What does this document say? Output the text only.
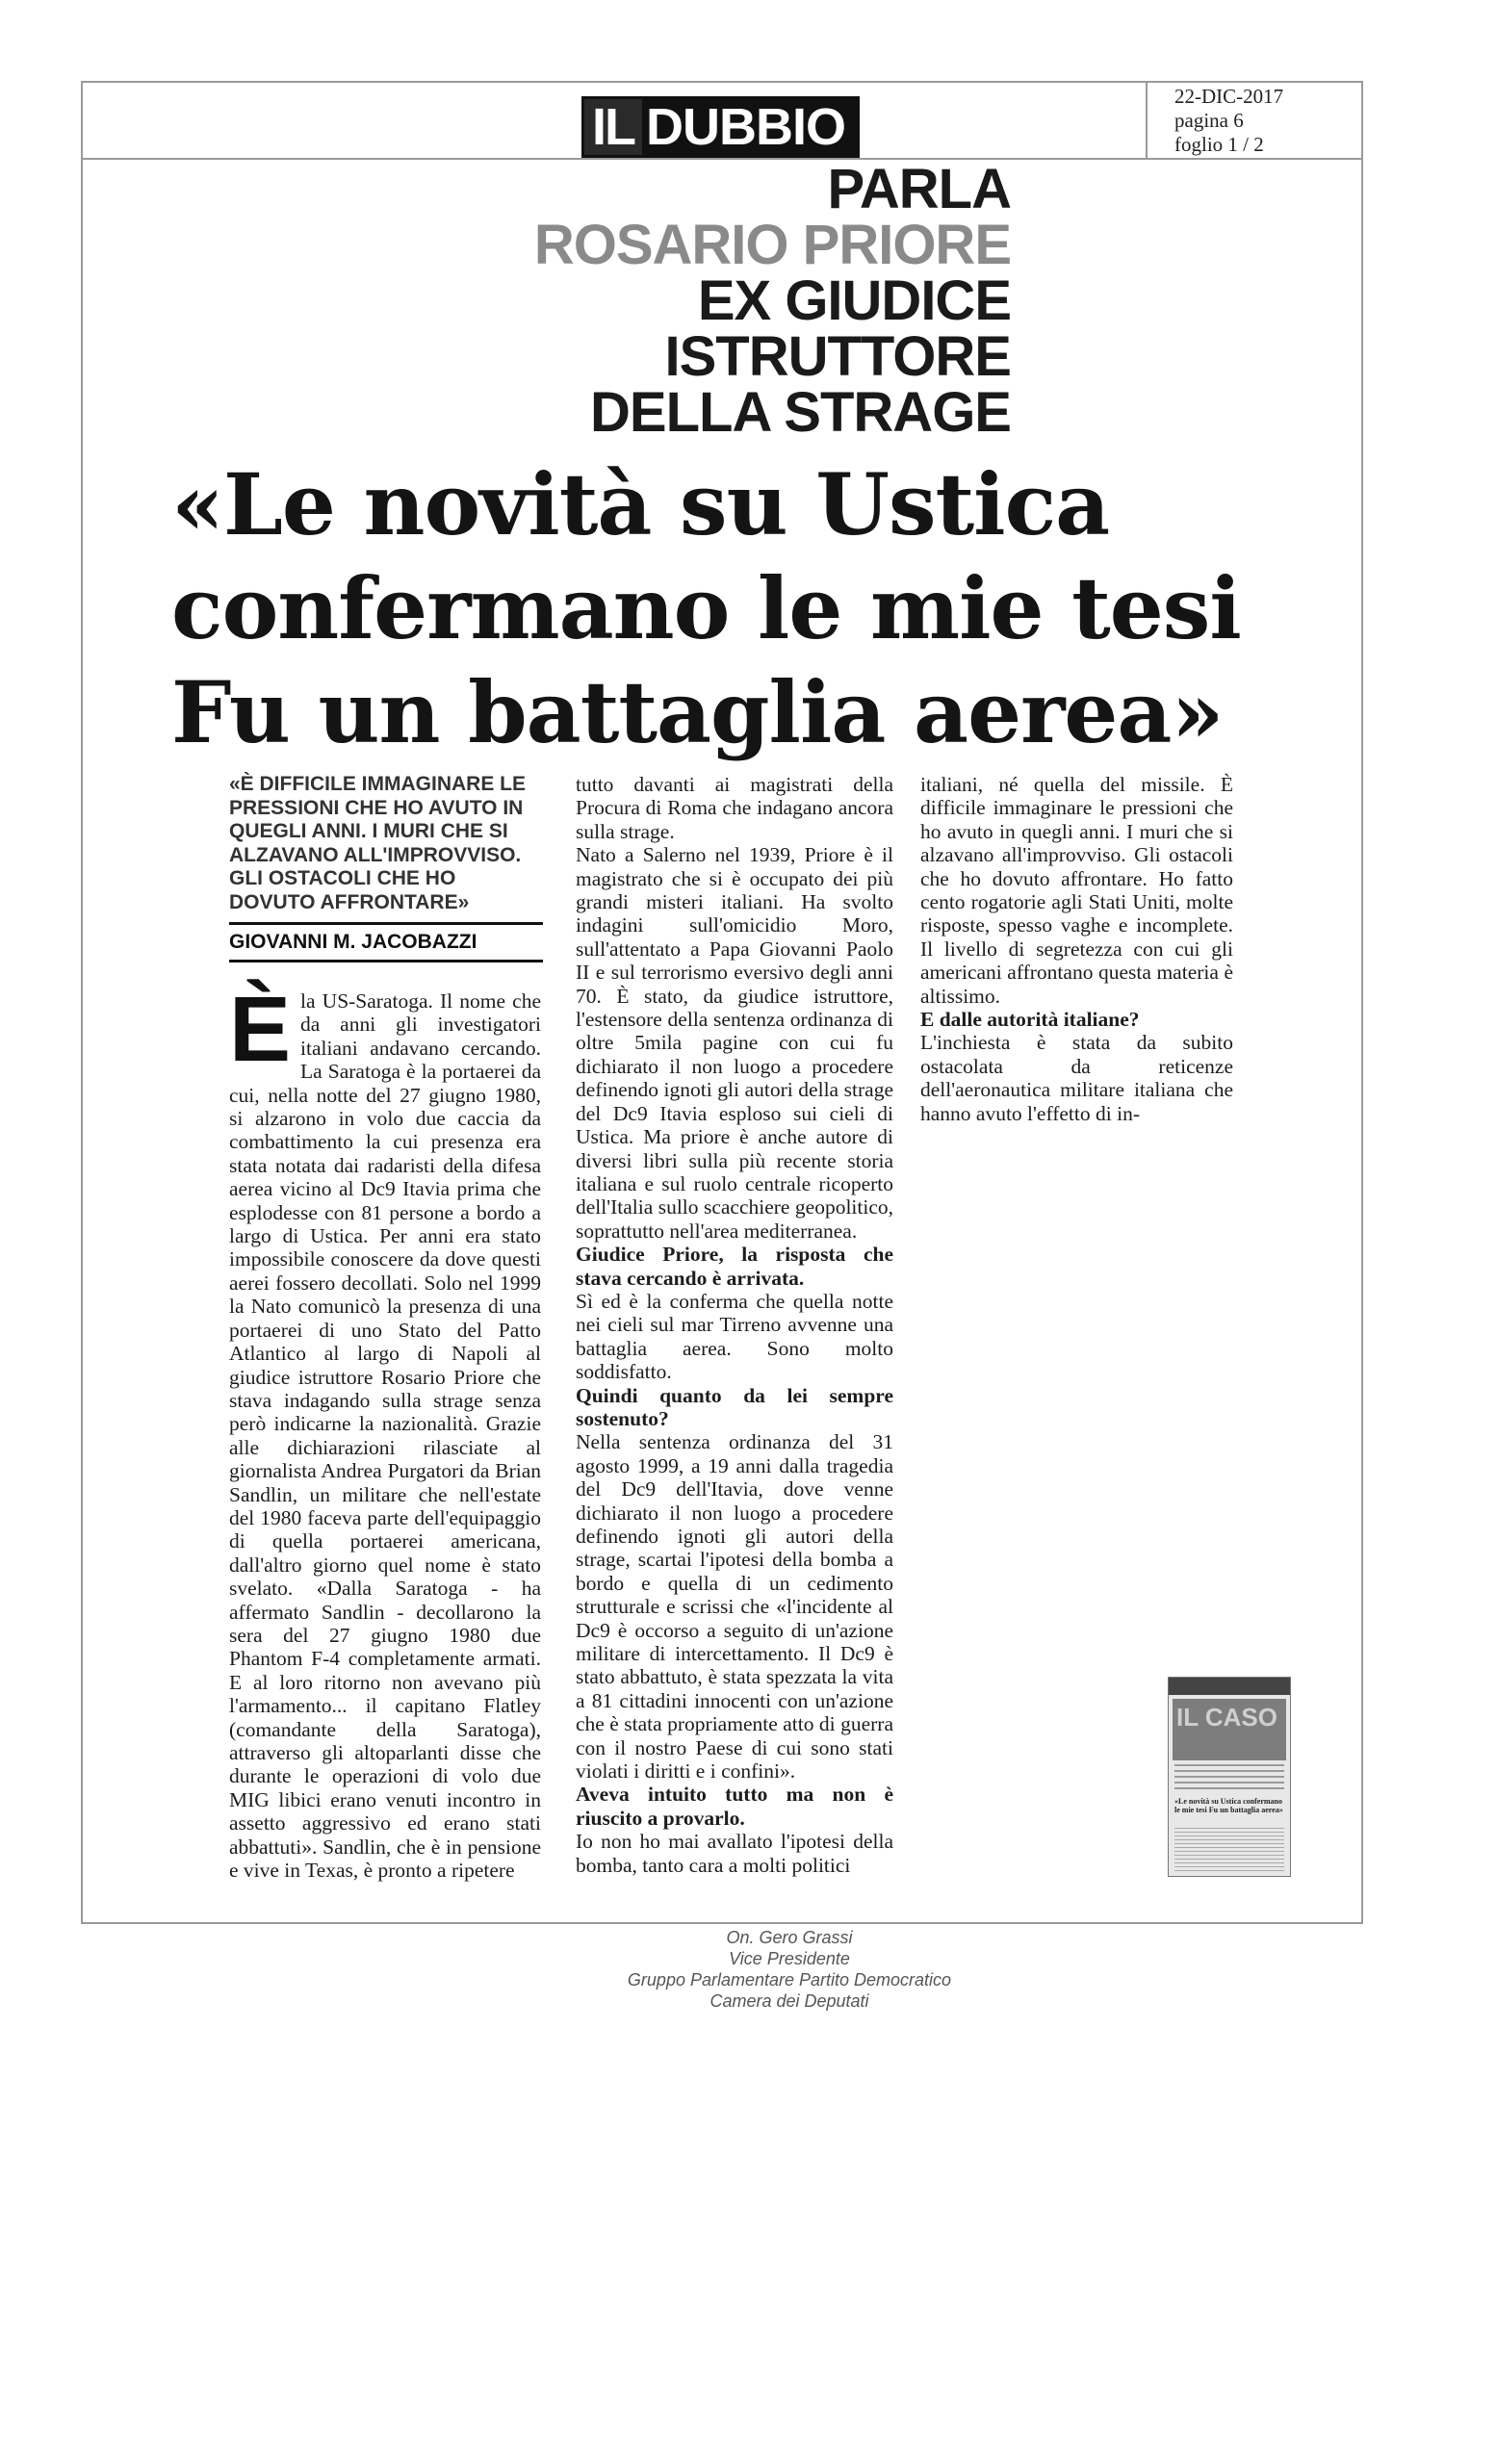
IL DUBBIO
22-DIC-2017
pagina 6
foglio 1 / 2
PARLA
ROSARIO PRIORE
EX GIUDICE
ISTRUTTORE
DELLA STRAGE
«Le novità su Ustica
confermano le mie tesi
Fu un battaglia aerea»
«È DIFFICILE IMMAGINARE LE PRESSIONI CHE HO AVUTO IN QUEGLI ANNI. I MURI CHE SI ALZAVANO ALL'IMPROVVISO. GLI OSTACOLI CHE HO DOVUTO AFFRONTARE»
GIOVANNI M. JACOBAZZI
È la US-Saratoga. Il nome che da anni gli investigatori italiani andavano cercando. La Saratoga è la portaerei da cui, nella notte del 27 giugno 1980, si alzarono in volo due caccia da combattimento la cui presenza era stata notata dai radaristi della difesa aerea vicino al Dc9 Itavia prima che esplodesse con 81 persone a bordo a largo di Ustica. Per anni era stato impossibile conoscere da dove questi aerei fossero decollati. Solo nel 1999 la Nato comunicò la presenza di una portaerei di uno Stato del Patto Atlantico al largo di Napoli al giudice istruttore Rosario Priore che stava indagando sulla strage senza però indicarne la nazionalità. Grazie alle dichiarazioni rilasciate al giornalista Andrea Purgatori da Brian Sandlin, un militare che nell'estate del 1980 faceva parte dell'equipaggio di quella portaerei americana, dall'altro giorno quel nome è stato svelato. «Dalla Saratoga - ha affermato Sandlin - decollarono la sera del 27 giugno 1980 due Phantom F-4 completamente armati. E al loro ritorno non avevano più l'armamento... il capitano Flatley (comandante della Saratoga), attraverso gli altoparlanti disse che durante le operazioni di volo due MIG libici erano venuti incontro in assetto aggressivo ed erano stati abbattuti». Sandlin, che è in pensione e vive in Texas, è pronto a ripetere

tutto davanti ai magistrati della Procura di Roma che indagano ancora sulla strage.

Nato a Salerno nel 1939, Priore è il magistrato che si è occupato dei più grandi misteri italiani. Ha svolto indagini sull'omicidio Moro, sull'attentato a Papa Giovanni Paolo II e sul terrorismo eversivo degli anni 70. È stato, da giudice istruttore, l'estensore della sentenza ordinanza di oltre 5mila pagine con cui fu dichiarato il non luogo a procedere definendo ignoti gli autori della strage del Dc9 Itavia esploso sui cieli di Ustica. Ma priore è anche autore di diversi libri sulla più recente storia italiana e sul ruolo centrale ricoperto dell'Italia sullo scacchiere geopolitico, soprattutto nell'area mediterranea.

Giudice Priore, la risposta che stava cercando è arrivata.

Sì ed è la conferma che quella notte nei cieli sul mar Tirreno avvenne una battaglia aerea. Sono molto soddisfatto.

Quindi quanto da lei sempre sostenuto?

Nella sentenza ordinanza del 31 agosto 1999, a 19 anni dalla tragedia del Dc9 dell'Itavia, dove venne dichiarato il non luogo a procedere definendo ignoti gli autori della strage, scartai l'ipotesi della bomba a bordo e quella di un cedimento strutturale e scrissi che «l'incidente al Dc9 è occorso a seguito di un'azione militare di intercettamento. Il Dc9 è stato abbattuto, è stata spezzata la vita a 81 cittadini innocenti con un'azione che è stata propriamente atto di guerra con il nostro Paese di cui sono stati violati i diritti e i confini».

Aveva intuito tutto ma non è riuscito a provarlo.

Io non ho mai avallato l'ipotesi della bomba, tanto cara a molti politici

italiani, né quella del missile. È difficile immaginare le pressioni che ho avuto in quegli anni. I muri che si alzavano all'improvviso. Gli ostacoli che ho dovuto affrontare. Ho fatto cento rogatorie agli Stati Uniti, molte risposte, spesso vaghe e incomplete. Il livello di segretezza con cui gli americani affrontano questa materia è altissimo.

E dalle autorità italiane?

L'inchiesta è stata da subito ostacolata da reticenze dell'aeronautica militare italiana che hanno avuto l'effetto di in-

IL CASO
«Le novità su Ustica confermano le mie tesi Fu un battaglia aerea»
On. Gero Grassi
Vice Presidente
Gruppo Parlamentare Partito Democratico
Camera dei Deputati
